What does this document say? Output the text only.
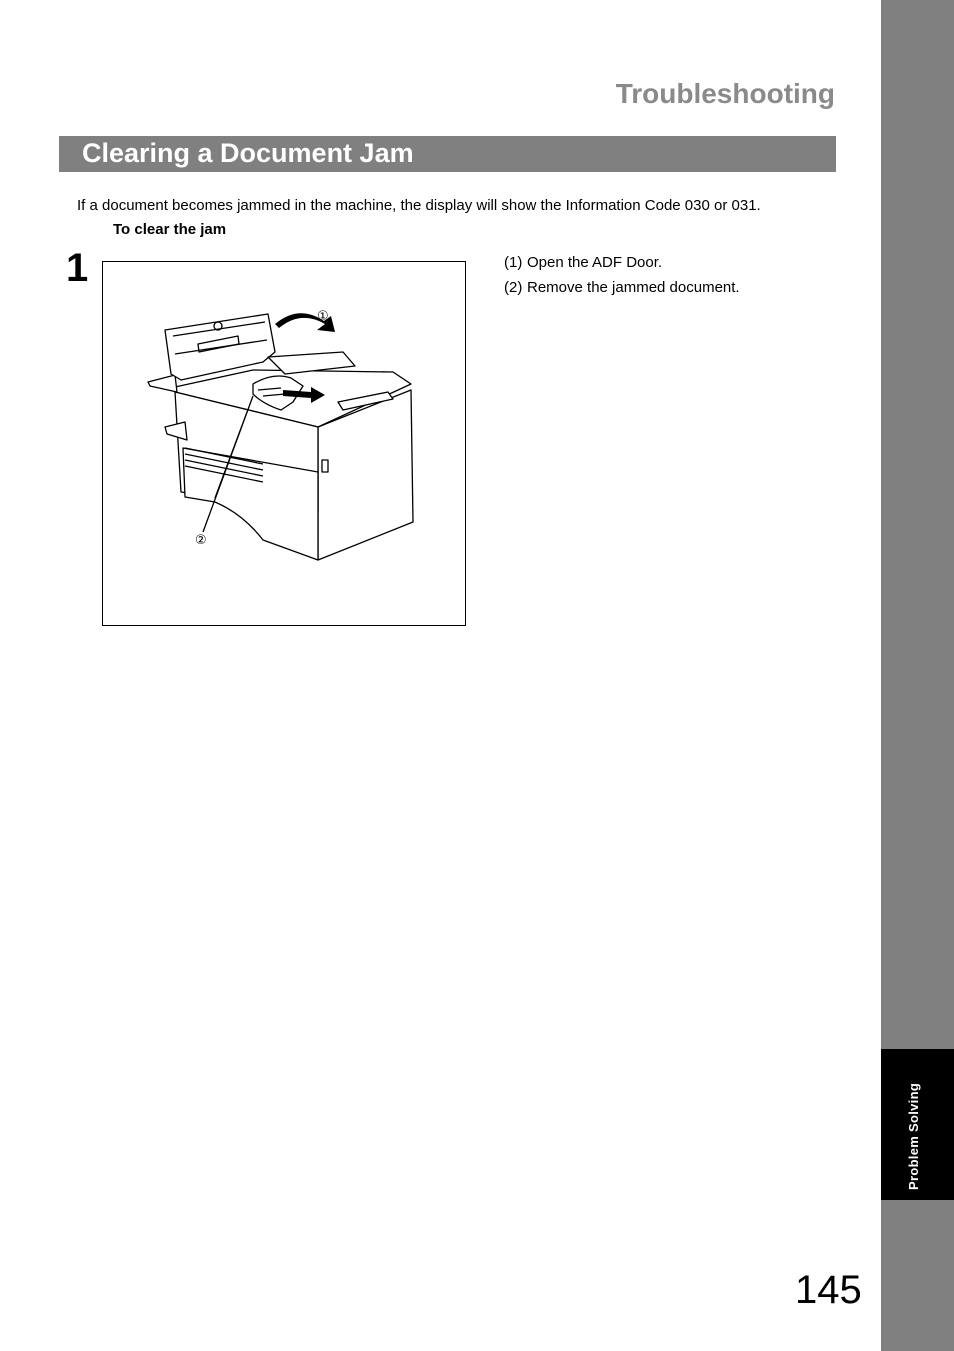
Problem Solving
Troubleshooting
Clearing a Document Jam
If a document becomes jammed in the machine, the display will show the Information Code 030 or 031.
To clear the jam
1
①
②
(1) Open the ADF Door.
(2) Remove the jammed document.
145
